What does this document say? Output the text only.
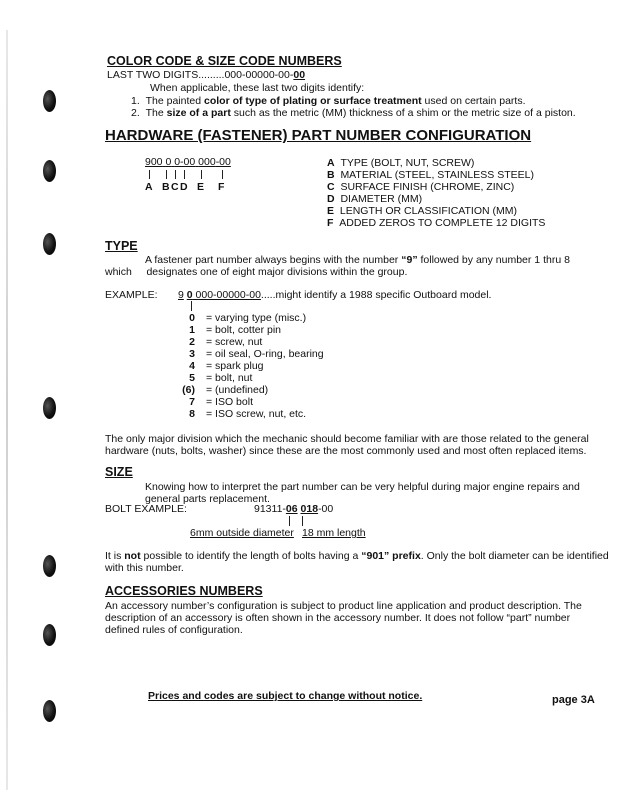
COLOR CODE & SIZE CODE NUMBERS
LAST TWO DIGITS.........000-00000-00-00
When applicable, these last two digits identify:
1. The painted color of type of plating or surface treatment used on certain parts.
2. The size of a part such as the metric (MM) thickness of a shim or the metric size of a piston.
HARDWARE (FASTENER) PART NUMBER CONFIGURATION
900 0 0-00 000-00
A B C D E F
A TYPE (BOLT, NUT, SCREW)
B MATERIAL (STEEL, STAINLESS STEEL)
C SURFACE FINISH (CHROME, ZINC)
D DIAMETER (MM)
E LENGTH OR CLASSIFICATION (MM)
F ADDED ZEROS TO COMPLETE 12 DIGITS
TYPE
A fastener part number always begins with the number “9” followed by any number 1 thru 8
which designates one of eight major divisions within the group.
EXAMPLE: 9 0 000-00000-00.....might identify a 1988 specific Outboard model.
0 = varying type (misc.)
1 = bolt, cotter pin
2 = screw, nut
3 = oil seal, O-ring, bearing
4 = spark plug
5 = bolt, nut
(6) = (undefined)
7 = ISO bolt
8 = ISO screw, nut, etc.
The only major division which the mechanic should become familiar with are those related to the general
hardware (nuts, bolts, washer) since these are the most commonly used and most often replaced items.
SIZE
Knowing how to interpret the part number can be very helpful during major engine repairs and
general parts replacement.
BOLT EXAMPLE:	91311-06 018-00
6mm outside diameter 18 mm length
It is not possible to identify the length of bolts having a “901” prefix. Only the bolt diameter can be identified
with this number.
ACCESSORIES NUMBERS
An accessory number’s configuration is subject to product line application and product description. The
description of an accessory is often shown in the accessory number. It does not follow “part” number
defined rules of configuration.
Prices and codes are subject to change without notice.	page 3A
